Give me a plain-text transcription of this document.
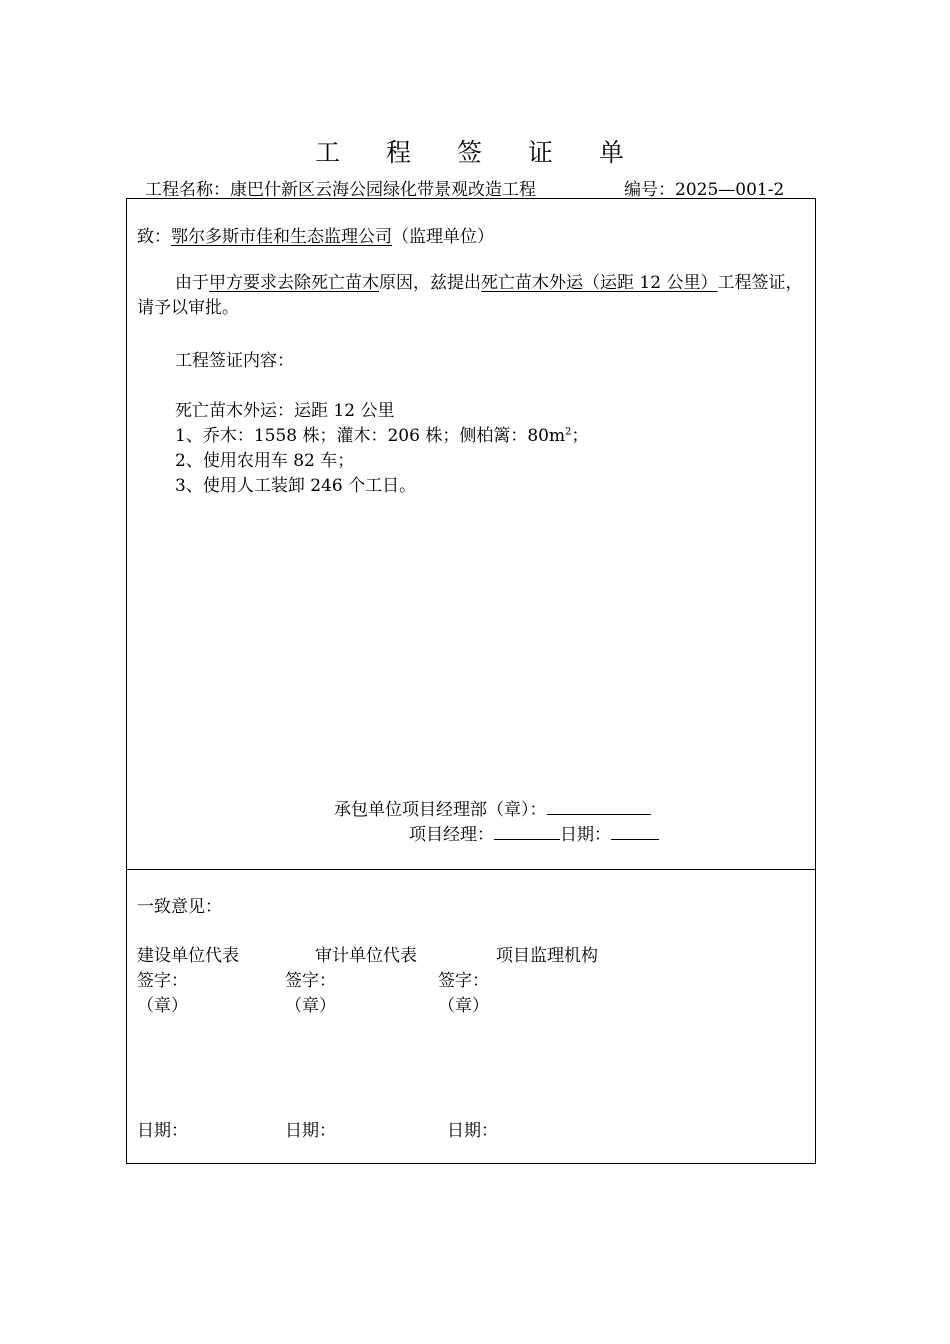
工 程 签 证 单
工程名称：康巴什新区云海公园绿化带景观改造工程	编号：2025—001-2
致：鄂尔多斯市佳和生态监理公司（监理单位）
由于甲方要求去除死亡苗木原因，兹提出死亡苗木外运（运距 12 公里）工程签证，请予以审批。
工程签证内容：
死亡苗木外运：运距 12 公里
1、乔木：1558 株；灌木：206 株；侧柏篱：$80m^2$；
2、使用农用车 82 车；
3、使用人工装卸 246 个工日。
承包单位项目经理部（章）：
项目经理：	日期：
一致意见：
建设单位代表	审计单位代表	项目监理机构
签字：	签字：	签字：
（章）	（章）	（章）
日期：	日期：	日期：
